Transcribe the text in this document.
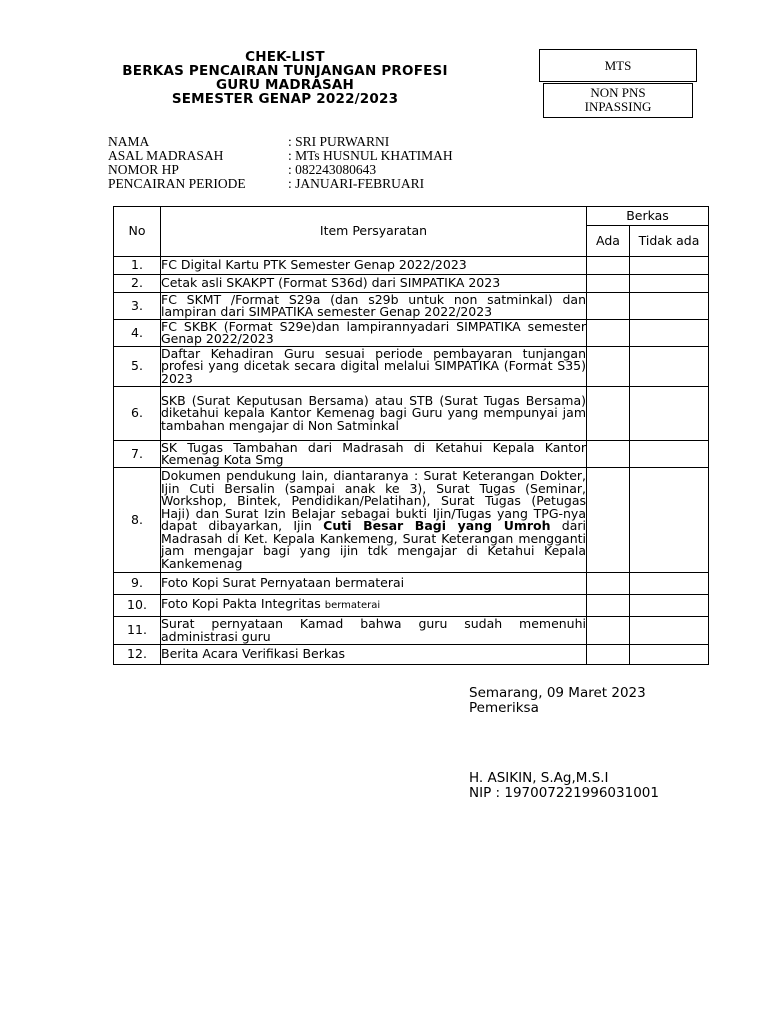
CHEK-LIST
BERKAS PENCAIRAN TUNJANGAN PROFESI
GURU MADRASAH
SEMESTER GENAP 2022/2023
MTS
NON PNS
INPASSING
NAMA	: SRI PURWARNI
ASAL MADRASAH	: MTs HUSNUL KHATIMAH
NOMOR HP	: 082243080643
PENCAIRAN PERIODE	: JANUARI-FEBRUARI
No	Item Persyaratan	Berkas	
		Ada	Tidak ada
1.	FC Digital Kartu PTK Semester Genap 2022/2023		
2.	Cetak asli SKAKPT (Format S36d) dari SIMPATIKA 2023		
3.	FC SKMT /Format S29a (dan s29b untuk non satminkal) dan lampiran dari SIMPATIKA semester Genap 2022/2023		
4.	FC SKBK (Format S29e)dan lampirannyadari SIMPATIKA semester Genap 2022/2023		
5.	Daftar Kehadiran Guru sesuai periode pembayaran tunjangan profesi yang dicetak secara digital melalui SIMPATIKA (Format S35) 2023		
6.	SKB (Surat Keputusan Bersama) atau STB (Surat Tugas Bersama) diketahui kepala Kantor Kemenag bagi Guru yang mempunyai jam tambahan mengajar di Non Satminkal		
7.	SK Tugas Tambahan dari Madrasah di Ketahui Kepala Kantor Kemenag Kota Smg		
8.	Dokumen pendukung lain, diantaranya : Surat Keterangan Dokter, Ijin Cuti Bersalin (sampai anak ke 3), Surat Tugas (Seminar, Workshop, Bintek, Pendidikan/Pelatihan), Surat Tugas (Petugas Haji) dan Surat Izin Belajar sebagai bukti Ijin/Tugas yang TPG-nya dapat dibayarkan, Ijin Cuti Besar Bagi yang Umroh dari Madrasah di Ket. Kepala Kankemeng, Surat Keterangan mengganti jam mengajar bagi yang ijin tdk mengajar di Ketahui Kepala Kankemenag		
9.	Foto Kopi Surat Pernyataan bermaterai		
10.	Foto Kopi Pakta Integritas bermaterai		
11.	Surat pernyataan Kamad bahwa guru sudah memenuhi administrasi guru		
12.	Berita Acara Verifikasi Berkas		
Semarang, 09 Maret 2023
Pemeriksa
H. ASIKIN, S.Ag,M.S.I
NIP : 197007221996031001
